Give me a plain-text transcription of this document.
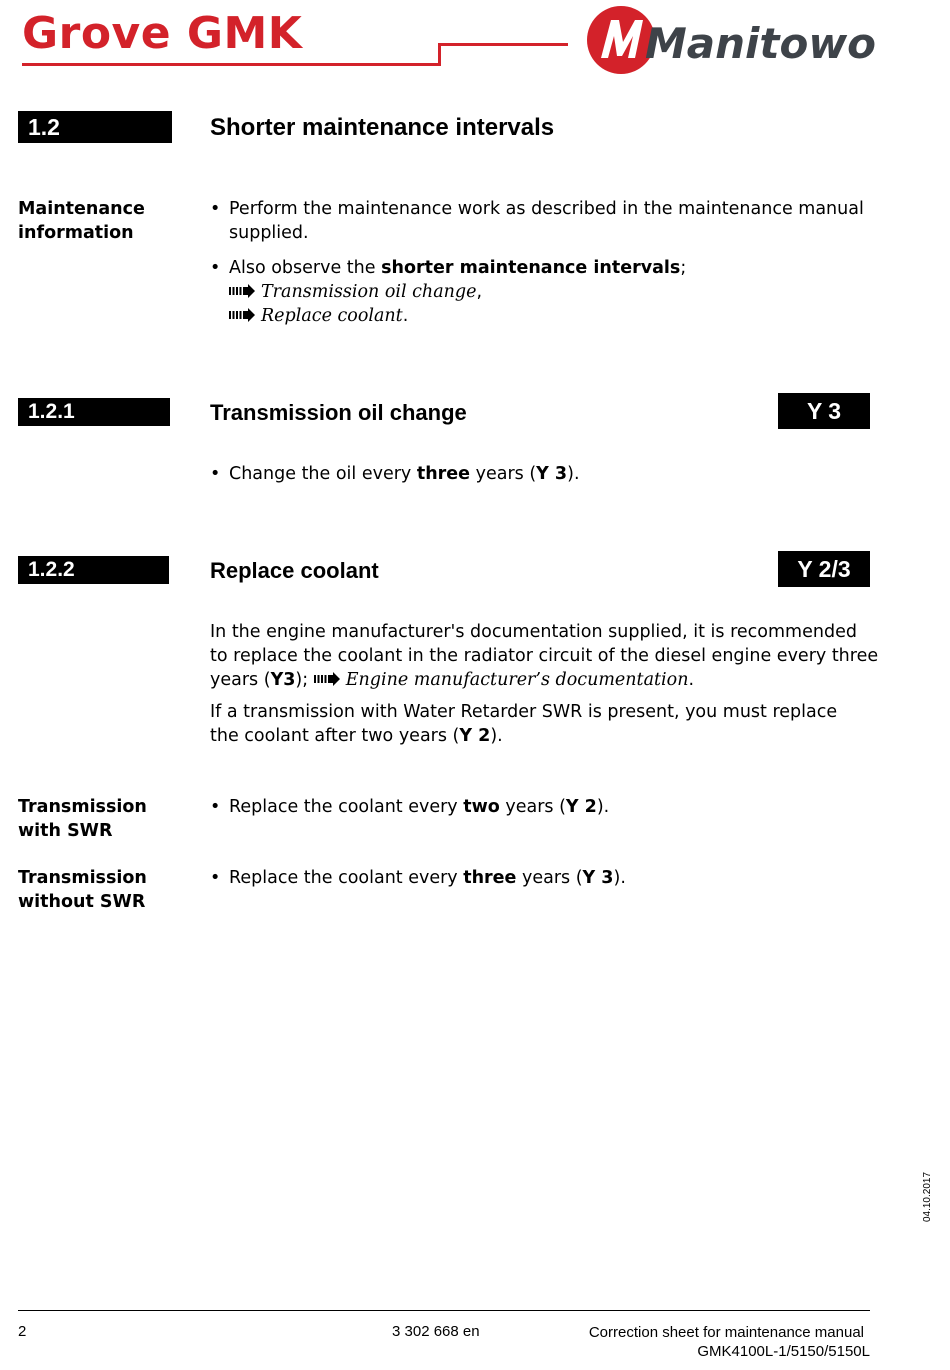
Grove GMK	Manitowoc
1.2	Shorter maintenance intervals
Maintenance
information
• Perform the maintenance work as described in the maintenance manual
supplied.
• Also observe the shorter maintenance intervals;
Transmission oil change,
Replace coolant.
1.2.1	Transmission oil change	Y 3
• Change the oil every three years (Y 3).
1.2.2	Replace coolant	Y 2/3
In the engine manufacturer's documentation supplied, it is recommended
to replace the coolant in the radiator circuit of the diesel engine every three
years (Y3); Engine manufacturer’s documentation.
If a transmission with Water Retarder SWR is present, you must replace
the coolant after two years (Y 2).
Transmission
with SWR
• Replace the coolant every two years (Y 2).
Transmission
without SWR
• Replace the coolant every three years (Y 3).
04.10.2017
2	3 302 668 en	Correction sheet for maintenance manual
GMK4100L-1/5150/5150L
